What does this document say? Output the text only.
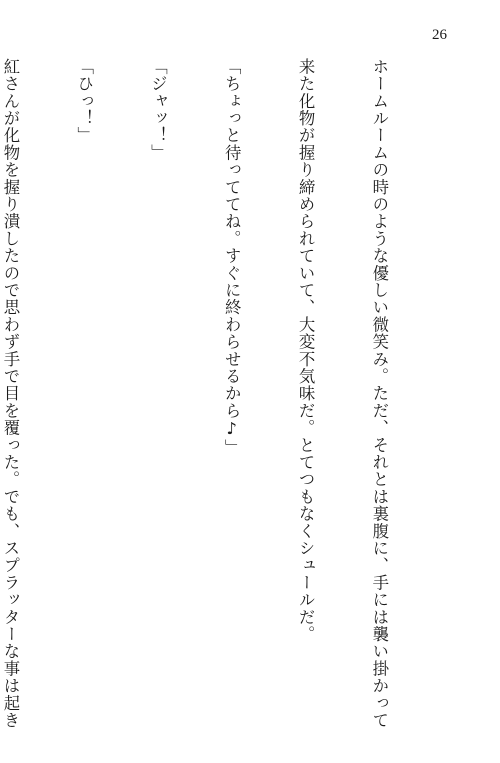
26

ホームルームの時のような優しい微笑み。ただ、それとは裏腹に、手には襲い掛かって

来た化物が握り締められていて、大変不気味だ。とてつもなくシュールだ。

「ちょっと待っててね。すぐに終わらせるから♪」

「ジャッ！」

「ひっ！」

紅さんが化物を握り潰したので思わず手で目を覆った。でも、スプラッターな事は起き
